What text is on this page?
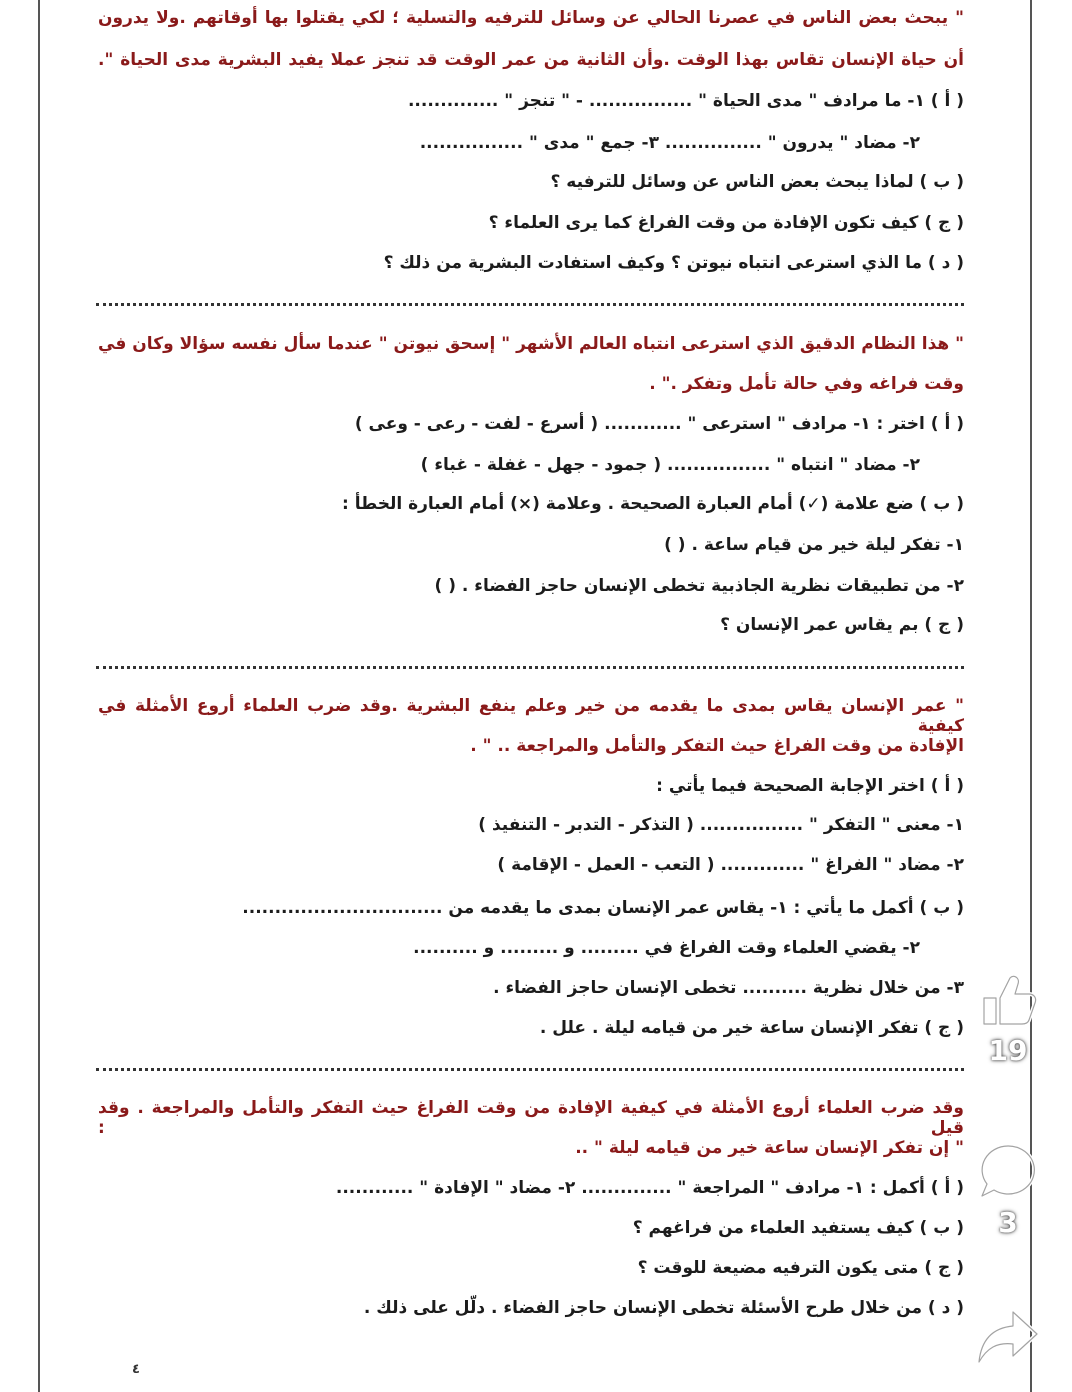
" يبحث بعض الناس في عصرنا الحالي عن وسائل للترفيه والتسلية ؛ لكي يقتلوا بها أوقاتهم .ولا يدرون
أن حياة الإنسان تقاس بهذا الوقت .وأن الثانية من عمر الوقت قد تنجز عملا يفيد البشرية مدى الحياة ".
( أ ) ١- ما مرادف " مدى الحياة " ................ - " تنجز " ..............
٢- مضاد " يدرون " ............... ٣- جمع " مدى " ................
( ب ) لماذا يبحث بعض الناس عن وسائل للترفيه ؟
( ج ) كيف تكون الإفادة من وقت الفراغ كما يرى العلماء ؟
( د ) ما الذي استرعى انتباه نيوتن ؟ وكيف استفادت البشرية من ذلك ؟
" هذا النظام الدقيق الذي استرعى انتباه العالم الأشهر " إسحق نيوتن " عندما سأل نفسه سؤالا وكان في
وقت فراغه وفي حالة تأمل وتفكر ." .
( أ ) اختر : ١- مرادف " استرعى " ............ ( أسرع - لفت - رعى - وعى )
٢- مضاد " انتباه " ................ ( جمود - جهل - غفلة - غباء )
( ب ) ضع علامة (✓) أمام العبارة الصحيحة . وعلامة (×) أمام العبارة الخطأ :
١- تفكر ليلة خير من قيام ساعة . ( )
٢- من تطبيقات نظرية الجاذبية تخطى الإنسان حاجز الفضاء . ( )
( ج ) بم يقاس عمر الإنسان ؟
" عمر الإنسان يقاس بمدى ما يقدمه من خير وعلم ينفع البشرية .وقد ضرب العلماء أروع الأمثلة في كيفية
الإفادة من وقت الفراغ حيث التفكر والتأمل والمراجعة .. " .
( أ ) اختر الإجابة الصحيحة فيما يأتي :
١- معنى " التفكر " ................ ( التذكر - التدبر - التنفيذ )
٢- مضاد " الفراغ " ............. ( التعب - العمل - الإقامة )
( ب ) أكمل ما يأتي : ١- يقاس عمر الإنسان بمدى ما يقدمه من ...............................
٢- يقضي العلماء وقت الفراغ في ......... و ......... و ..........
٣- من خلال نظرية .......... تخطى الإنسان حاجز الفضاء .
( ج ) تفكر الإنسان ساعة خير من قيامه ليلة . علل .
وقد ضرب العلماء أروع الأمثلة في كيفية الإفادة من وقت الفراغ حيث التفكر والتأمل والمراجعة . وقد قيل :
" إن تفكر الإنسان ساعة خير من قيامه ليلة " ..
( أ ) أكمل : ١- مرادف " المراجعة " .............. ٢- مضاد " الإفادة " ............
( ب ) كيف يستفيد العلماء من فراغهم ؟
( ج ) متى يكون الترفيه مضيعة للوقت ؟
( د ) من خلال طرح الأسئلة تخطى الإنسان حاجز الفضاء . دلّل على ذلك .
٤
19
3
